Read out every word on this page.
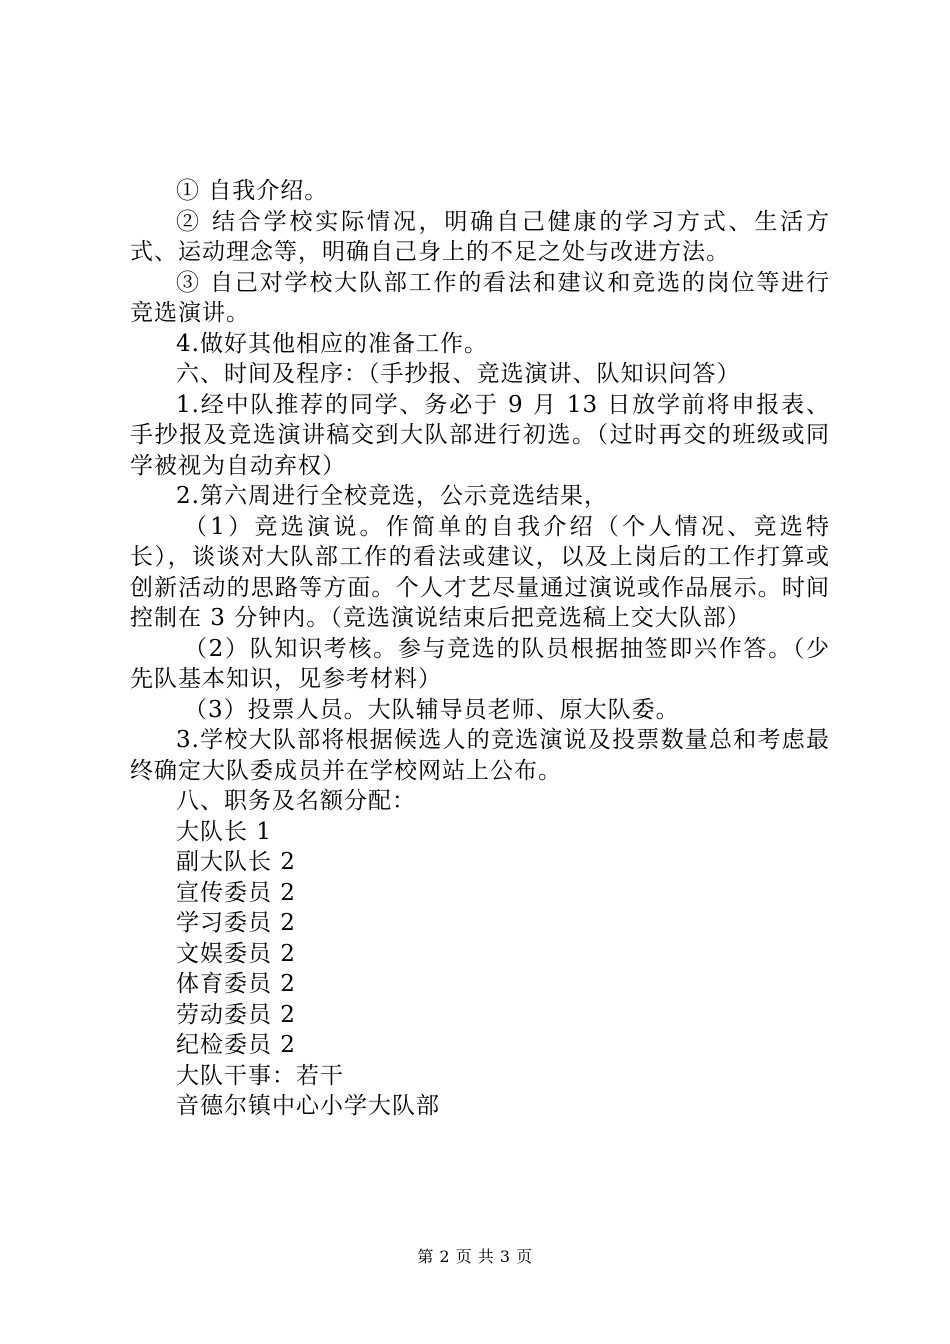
① 自我介绍。

② 结合学校实际情况，明确自己健康的学习方式、生活方式、运动理念等，明确自己身上的不足之处与改进方法。

③ 自己对学校大队部工作的看法和建议和竞选的岗位等进行竞选演讲。

4.做好其他相应的准备工作。

六、时间及程序：（手抄报、竞选演讲、队知识问答）

1.经中队推荐的同学、务必于 9 月 13 日放学前将申报表、手抄报及竞选演讲稿交到大队部进行初选。（过时再交的班级或同学被视为自动弃权）

2.第六周进行全校竞选，公示竞选结果，

（1）竞选演说。作简单的自我介绍（个人情况、竞选特长），谈谈对大队部工作的看法或建议，以及上岗后的工作打算或创新活动的思路等方面。个人才艺尽量通过演说或作品展示。时间控制在 3 分钟内。（竞选演说结束后把竞选稿上交大队部）

（2）队知识考核。参与竞选的队员根据抽签即兴作答。（少先队基本知识，见参考材料）

（3）投票人员。大队辅导员老师、原大队委。

3.学校大队部将根据候选人的竞选演说及投票数量总和考虑最终确定大队委成员并在学校网站上公布。

八、职务及名额分配：

大队长 1

副大队长 2

宣传委员 2

学习委员 2

文娱委员 2

体育委员 2

劳动委员 2

纪检委员 2

大队干事：若干

音德尔镇中心小学大队部

第 2 页 共 3 页
